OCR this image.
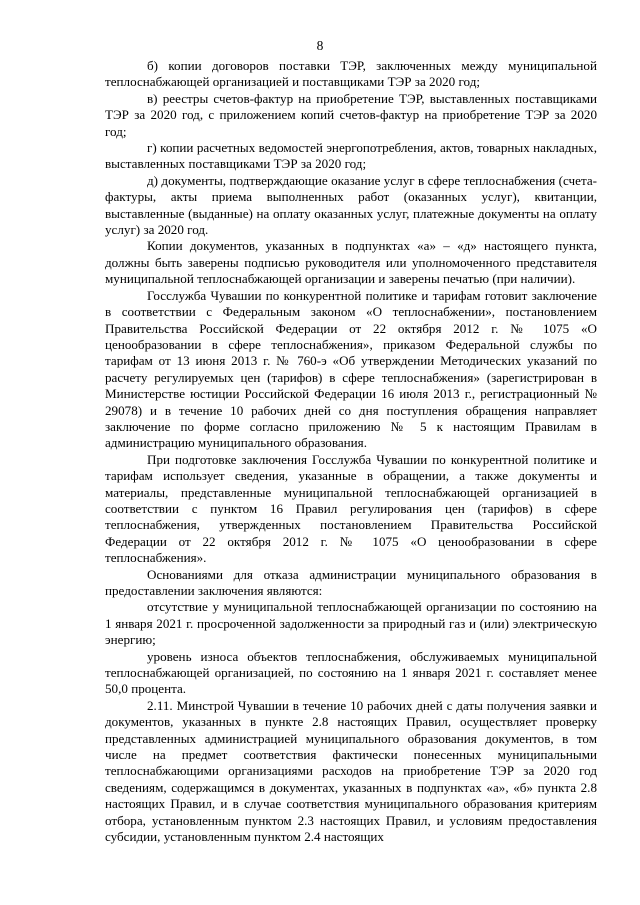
8

б) копии договоров поставки ТЭР, заключенных между муниципальной теплоснабжающей организацией и поставщиками ТЭР за 2020 год;

в) реестры счетов-фактур на приобретение ТЭР, выставленных поставщиками ТЭР за 2020 год, с приложением копий счетов-фактур на приобретение ТЭР за 2020 год;

г) копии расчетных ведомостей энергопотребления, актов, товарных накладных, выставленных поставщиками ТЭР за 2020 год;

д) документы, подтверждающие оказание услуг в сфере теплоснабжения (счета-фактуры, акты приема выполненных работ (оказанных услуг), квитанции, выставленные (выданные) на оплату оказанных услуг, платежные документы на оплату услуг) за 2020 год.

Копии документов, указанных в подпунктах «а» – «д» настоящего пункта, должны быть заверены подписью руководителя или уполномоченного представителя муниципальной теплоснабжающей организации и заверены печатью (при наличии).

Госслужба Чувашии по конкурентной политике и тарифам готовит заключение в соответствии с Федеральным законом «О теплоснабжении», постановлением Правительства Российской Федерации от 22 октября 2012 г. № 1075 «О ценообразовании в сфере теплоснабжения», приказом Федеральной службы по тарифам от 13 июня 2013 г. № 760-э «Об утверждении Методических указаний по расчету регулируемых цен (тарифов) в сфере теплоснабжения» (зарегистрирован в Министерстве юстиции Российской Федерации 16 июля 2013 г., регистрационный № 29078) и в течение 10 рабочих дней со дня поступления обращения направляет заключение по форме согласно приложению № 5 к настоящим Правилам в администрацию муниципального образования.

При подготовке заключения Госслужба Чувашии по конкурентной политике и тарифам использует сведения, указанные в обращении, а также документы и материалы, представленные муниципальной теплоснабжающей организацией в соответствии с пунктом 16 Правил регулирования цен (тарифов) в сфере теплоснабжения, утвержденных постановлением Правительства Российской Федерации от 22 октября 2012 г. № 1075 «О ценообразовании в сфере теплоснабжения».

Основаниями для отказа администрации муниципального образования в предоставлении заключения являются:

отсутствие у муниципальной теплоснабжающей организации по состоянию на 1 января 2021 г. просроченной задолженности за природный газ и (или) электрическую энергию;

уровень износа объектов теплоснабжения, обслуживаемых муниципальной теплоснабжающей организацией, по состоянию на 1 января 2021 г. составляет менее 50,0 процента.

2.11. Минстрой Чувашии в течение 10 рабочих дней с даты получения заявки и документов, указанных в пункте 2.8 настоящих Правил, осуществляет проверку представленных администрацией муниципального образования документов, в том числе на предмет соответствия фактически понесенных муниципальными теплоснабжающими организациями расходов на приобретение ТЭР за 2020 год сведениям, содержащимся в документах, указанных в подпунктах «а», «б» пункта 2.8 настоящих Правил, и в случае соответствия муниципального образования критериям отбора, установленным пунктом 2.3 настоящих Правил, и условиям предоставления субсидии, установленным пунктом 2.4 настоящих
